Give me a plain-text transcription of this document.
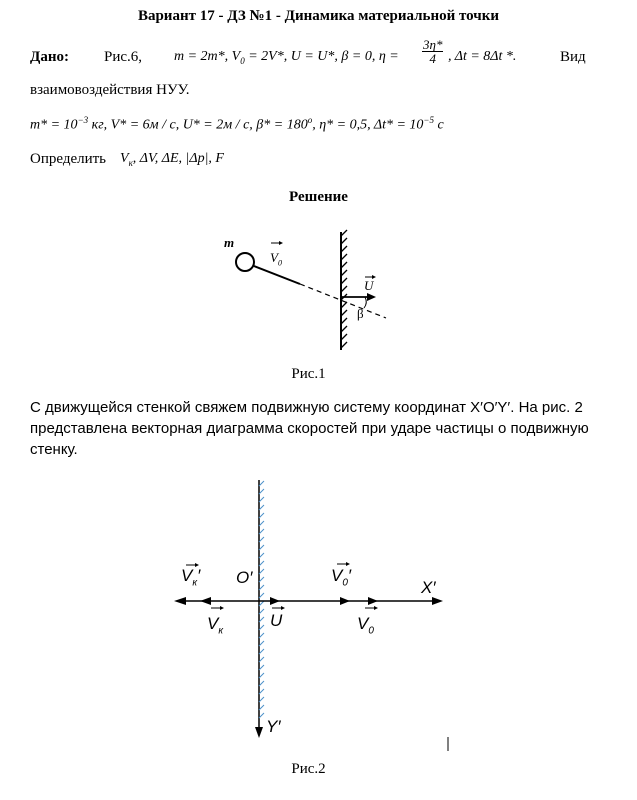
Вариант 17 - ДЗ №1 - Динамика материальной точки
Дано: Рис.6, m = 2m*, $V_0 = 2V*$, U = U*, β = 0, $\eta = \frac{3\eta*}{4}$ , Δt = 8Δt *.	Вид
взаимовоздействия НУУ.
$m* = 10^{-3}$ кг, V* = 6м / c, U* = 2м / c, $\beta* = 180^o$, η* = 0,5, $\Delta t* = 10^{-5}$ c
Определить $V_к$, ΔV, ΔE, |Δp|, F
Решение
m
$V_0$
U
β
Рис.1
С движущейся стенкой свяжем подвижную систему координат X′O′Y′. На рис. 2 представлена векторная диаграмма скоростей при ударе частицы о подвижную стенку.
$V_к'$ O′	$V_0'$
X′
$V_к$
U	$V_0$
Y′
Рис.2
